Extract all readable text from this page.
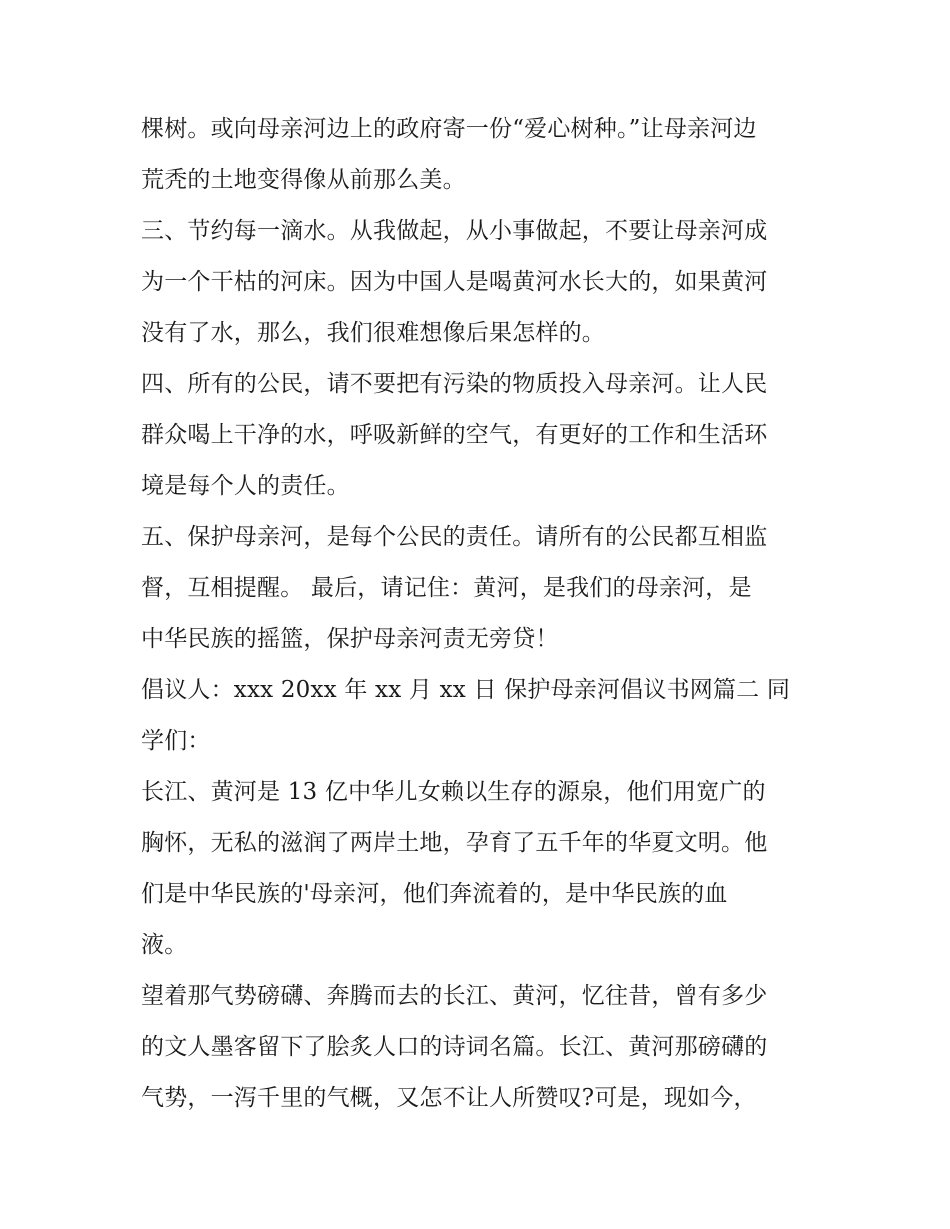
棵树。或向母亲河边上的政府寄一份“爱心树种。”让母亲河边

荒秃的土地变得像从前那么美。

三、节约每一滴水。从我做起，从小事做起，不要让母亲河成

为一个干枯的河床。因为中国人是喝黄河水长大的，如果黄河

没有了水，那么，我们很难想像后果怎样的。

四、所有的公民，请不要把有污染的物质投入母亲河。让人民

群众喝上干净的水，呼吸新鲜的空气，有更好的工作和生活环

境是每个人的责任。

五、保护母亲河，是每个公民的责任。请所有的公民都互相监

督，互相提醒。 最后，请记住：黄河，是我们的母亲河，是

中华民族的摇篮，保护母亲河责无旁贷！

倡议人：xxx 20xx 年 xx 月 xx 日 保护母亲河倡议书网篇二 同

学们：

长江、黄河是 13 亿中华儿女赖以生存的源泉，他们用宽广的

胸怀，无私的滋润了两岸土地，孕育了五千年的华夏文明。他

们是中华民族的'母亲河，他们奔流着的，是中华民族的血

液。

望着那气势磅礴、奔腾而去的长江、黄河，忆往昔，曾有多少

的文人墨客留下了脍炙人口的诗词名篇。长江、黄河那磅礴的

气势，一泻千里的气概，又怎不让人所赞叹?可是，现如今，
